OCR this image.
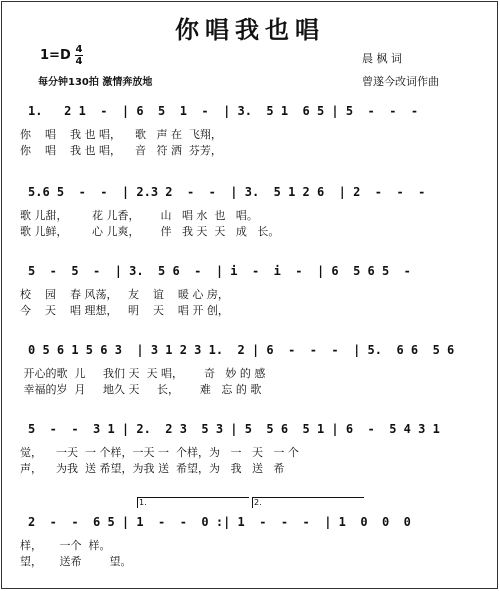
你唱我也唱
1=D 4
4
每分钟130拍 激情奔放地
晨 枫 词
曾遂今改词作曲
1.   2 1  -  | 6  5  1  -  | 3.  5 1  6 5 | 5  -  -  -
你    唱    我 也 唱，    歌   声 在  飞翔，
你    唱    我 也 唱，    音   符 洒  芬芳，
5.6 5  -  -  | 2.3 2  -  -  | 3.  5 1 2 6  | 2  -  -  -
歌 儿甜，       花 儿香，      山   唱 水  也   唱。
歌 儿鲜，       心 儿爽，      伴   我 天  天   成   长。
5  -  5  -  | 3.  5 6  -  | i  -  i  -  | 6  5 6 5  -
校    园    春 风荡，   友    谊    暖 心 房，
今    天    唱 理想，   明    天    唱 开 创，
0 5 6 1 5 6 3  | 3 1 2 3 1.  2 | 6  -  -  -  | 5.  6 6  5 6
开心的歌  儿     我们 天  天 唱，      奇   妙 的 感
幸福的岁  月     地久 天     长，      难   忘 的 歌
5  -  -  3 1 | 2.  2 3  5 3 | 5  5 6  5 1 | 6  -  5 4 3 1
觉，    一天  一 个样，一天 一  个样，为   一   天   一 个
声，    为我  送 希望，为我 送  希望，为   我   送   希
1.	2.
2  -  -  6 5 | 1  -  -  0 :| 1  -  -  -  | 1  0  0  0
样，     一个  样。
望，     送希        望。
